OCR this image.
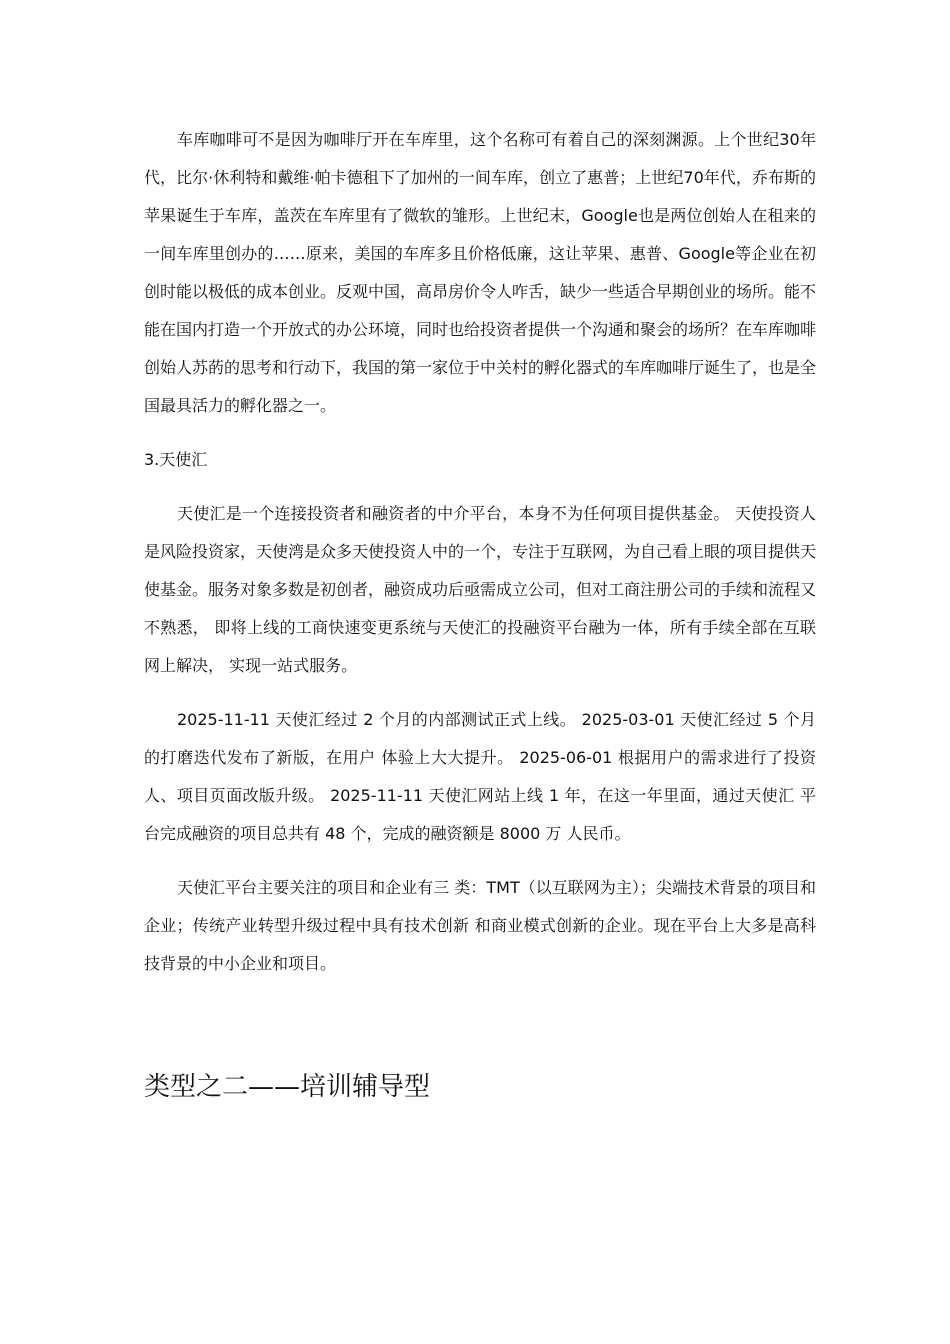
车库咖啡可不是因为咖啡厅开在车库里，这个名称可有着自己的深刻渊源。上个世纪30年代，比尔·休利特和戴维·帕卡德租下了加州的一间车库，创立了惠普；上世纪70年代，乔布斯的苹果诞生于车库，盖茨在车库里有了微软的雏形。上世纪末，Google也是两位创始人在租来的一间车库里创办的……原来，美国的车库多且价格低廉，这让苹果、惠普、Google等企业在初创时能以极低的成本创业。反观中国，高昂房价令人咋舌，缺少一些适合早期创业的场所。能不能在国内打造一个开放式的办公环境，同时也给投资者提供一个沟通和聚会的场所？在车库咖啡创始人苏菂的思考和行动下，我国的第一家位于中关村的孵化器式的车库咖啡厅诞生了，也是全国最具活力的孵化器之一。

3.天使汇

天使汇是一个连接投资者和融资者的中介平台，本身不为任何项目提供基金。 天使投资人是风险投资家，天使湾是众多天使投资人中的一个，专注于互联网，为自己看上眼的项目提供天使基金。服务对象多数是初创者，融资成功后亟需成立公司，但对工商注册公司的手续和流程又不熟悉， 即将上线的工商快速变更系统与天使汇的投融资平台融为一体，所有手续全部在互联网上解决， 实现一站式服务。

2025-11-11 天使汇经过 2 个月的内部测试正式上线。 2025-03-01 天使汇经过 5 个月的打磨迭代发布了新版，在用户 体验上大大提升。 2025-06-01 根据用户的需求进行了投资人、项目页面改版升级。 2025-11-11 天使汇网站上线 1 年，在这一年里面，通过天使汇 平台完成融资的项目总共有 48 个，完成的融资额是 8000 万 人民币。

天使汇平台主要关注的项目和企业有三 类：TMT（以互联网为主）；尖端技术背景的项目和企业；传统产业转型升级过程中具有技术创新 和商业模式创新的企业。现在平台上大多是高科 技背景的中小企业和项目。

类型之二——培训辅导型
